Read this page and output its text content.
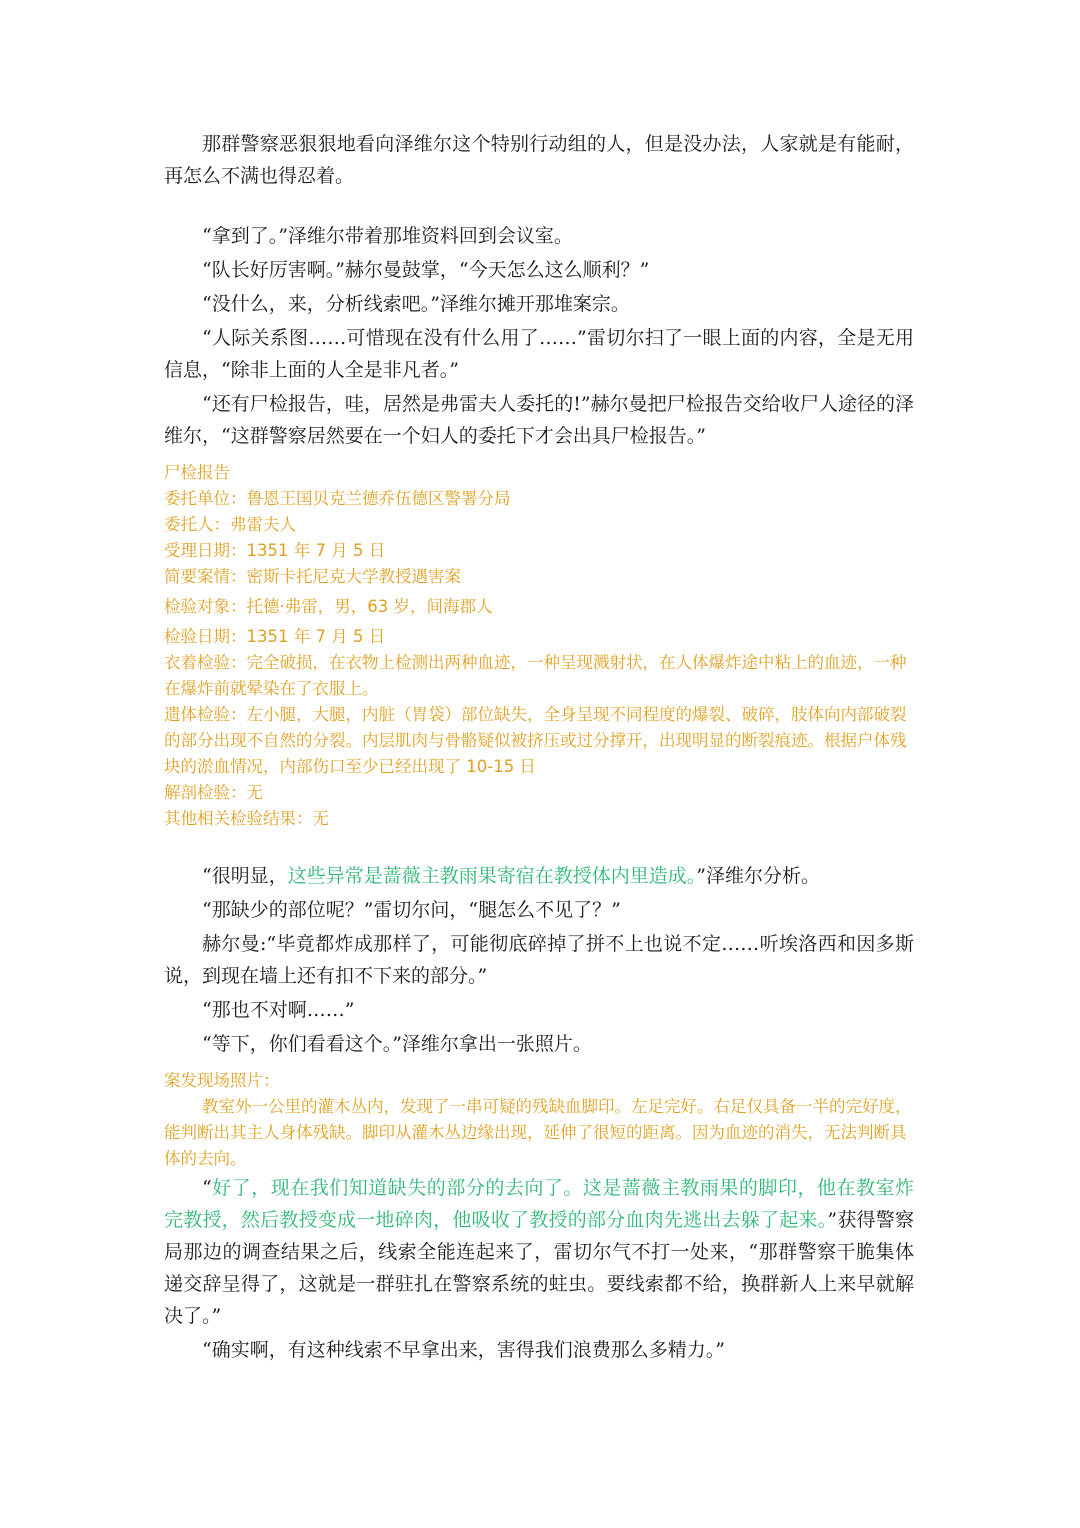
那群警察恶狠狠地看向泽维尔这个特别行动组的人，但是没办法，人家就是有能耐，再怎么不满也得忍着。

“拿到了。”泽维尔带着那堆资料回到会议室。

“队长好厉害啊。”赫尔曼鼓掌，“今天怎么这么顺利？”

“没什么，来，分析线索吧。”泽维尔摊开那堆案宗。

“人际关系图……可惜现在没有什么用了……”雷切尔扫了一眼上面的内容，全是无用信息，“除非上面的人全是非凡者。”

“还有尸检报告，哇，居然是弗雷夫人委托的!”赫尔曼把尸检报告交给收尸人途径的泽维尔，“这群警察居然要在一个妇人的委托下才会出具尸检报告。”

尸检报告

委托单位：鲁恩王国贝克兰德乔伍德区警署分局

委托人：弗雷夫人

受理日期：1351 年 7 月 5 日

简要案情：密斯卡托尼克大学教授遇害案

检验对象：托德·弗雷，男，63 岁，间海郡人

检验日期：1351 年 7 月 5 日

衣着检验：完全破损，在衣物上检测出两种血迹，一种呈现溅射状，在人体爆炸途中粘上的血迹，一种在爆炸前就晕染在了衣服上。

遗体检验：左小腿，大腿，内脏（胃袋）部位缺失，全身呈现不同程度的爆裂、破碎，肢体向内部破裂的部分出现不自然的分裂。内层肌肉与骨骼疑似被挤压或过分撑开，出现明显的断裂痕迹。根据户体残块的淤血情况，内部伤口至少已经出现了 10-15 日

解剖检验：无

其他相关检验结果：无

“很明显，这些异常是蔷薇主教雨果寄宿在教授体内里造成。”泽维尔分析。

“那缺少的部位呢？”雷切尔问，“腿怎么不见了？”

赫尔曼:“毕竟都炸成那样了，可能彻底碎掉了拼不上也说不定……听埃洛西和因多斯说，到现在墙上还有扣不下来的部分。”

“那也不对啊……”

“等下，你们看看这个。”泽维尔拿出一张照片。

案发现场照片：

教室外一公里的灌木丛内，发现了一串可疑的残缺血脚印。左足完好。右足仅具备一半的完好度，能判断出其主人身体残缺。脚印从灌木丛边缘出现，延伸了很短的距离。因为血迹的消失，无法判断具体的去向。

“好了，现在我们知道缺失的部分的去向了。这是蔷薇主教雨果的脚印，他在教室炸完教授，然后教授变成一地碎肉，他吸收了教授的部分血肉先逃出去躲了起来。”获得警察局那边的调查结果之后，线索全能连起来了，雷切尔气不打一处来，“那群警察干脆集体递交辞呈得了，这就是一群驻扎在警察系统的蛀虫。要线索都不给，换群新人上来早就解决了。”

“确实啊，有这种线索不早拿出来，害得我们浪费那么多精力。”
